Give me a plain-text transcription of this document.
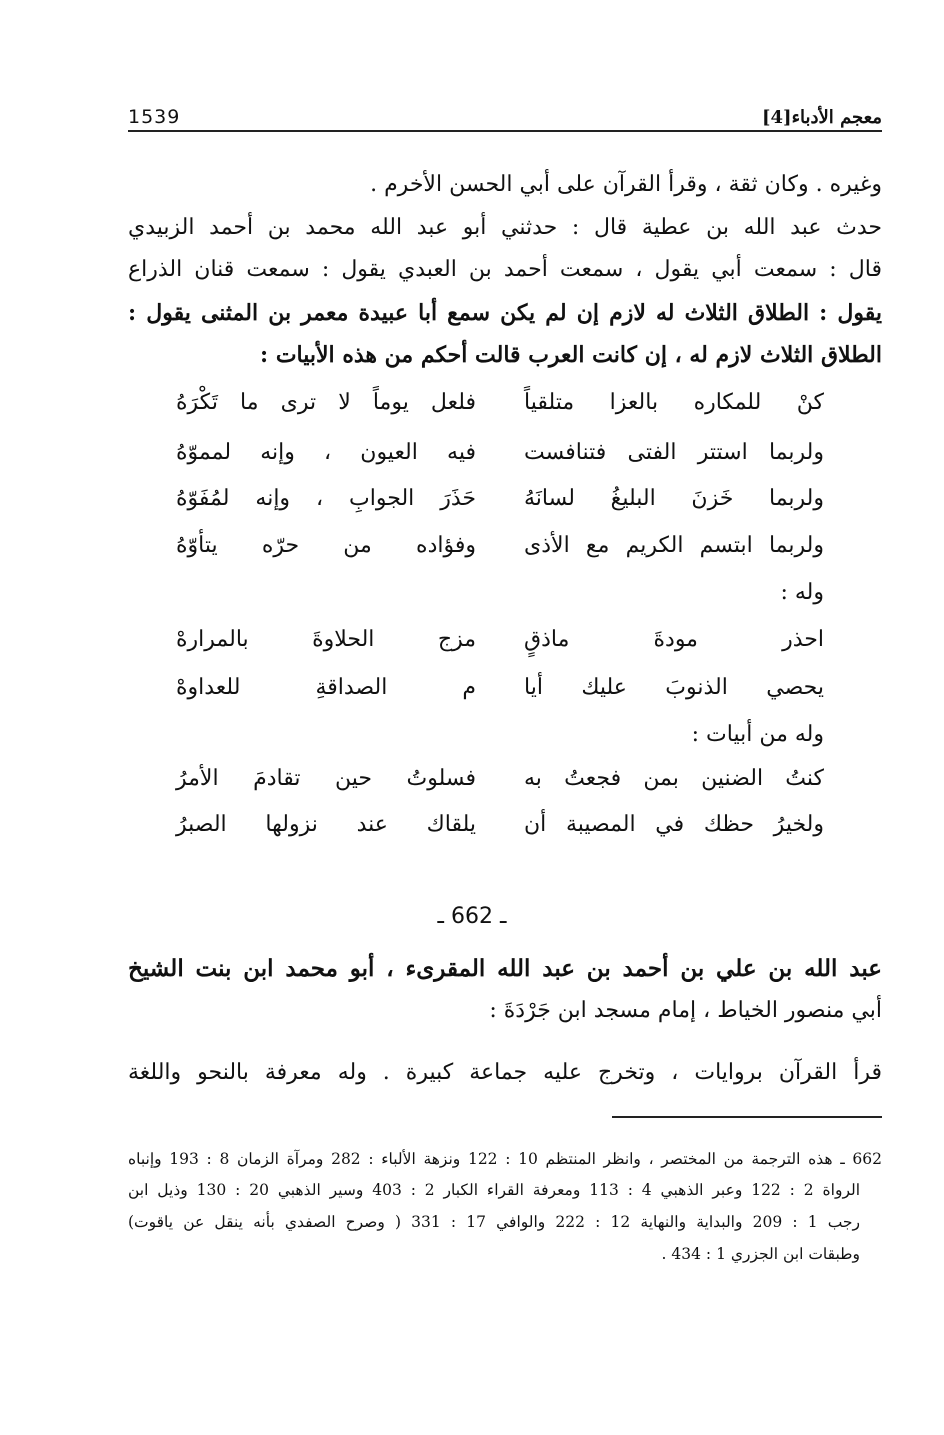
1539	معجم الأدباء[4]
وغيره . وكان ثقة ، وقرأ القرآن على أبي الحسن الأخرم .
حدث عبد الله بن عطية قال : حدثني أبو عبد الله محمد بن أحمد الزبيدي
قال : سمعت أبي يقول ، سمعت أحمد بن العبدي يقول : سمعت قنان الذراع
يقول : الطلاق الثلاث له لازم إن لم يكن سمع أبا عبيدة معمر بن المثنى يقول :
الطلاق الثلاث لازم له ، إن كانت العرب قالت أحكم من هذه الأبيات :
كنْ للمكاره بالعزا متلقياً
فلعل يوماً لا ترى ما تَكْرَهُ
ولربما استتر الفتى فتنافست
فيه العيون ، وإنه لمموّهُ
ولربما خَزنَ البليغُ لسانَهُ
حَذَرَ الجوابِ ، وإنه لمُفَوّهُ
ولربما ابتسم الكريم مع الأذى
وفؤاده من حرّه يتأوّهُ
وله :
احذر مودةَ ماذقٍ
مزج الحلاوةَ بالمرارهْ
يحصي الذنوبَ عليك أيا
م الصداقةِ للعداوهْ
وله من أبيات :
كنتُ الضنين بمن فجعتُ به
فسلوتُ حين تقادمَ الأمرُ
ولخيرُ حظك في المصيبة أن
يلقاك عند نزولها الصبرُ
ـ 662 ـ
عبد الله بن علي بن أحمد بن عبد الله المقرىء ، أبو محمد ابن بنت الشيخ
أبي منصور الخياط ، إمام مسجد ابن جَرْدَةَ :
قرأ القرآن بروايات ، وتخرج عليه جماعة كبيرة . وله معرفة بالنحو واللغة
662 ـ هذه الترجمة من المختصر ، وانظر المنتظم 10 : 122 ونزهة الألباء : 282 ومرآة الزمان 8 : 193 وإنباه
الرواة 2 : 122 وعبر الذهبي 4 : 113 ومعرفة القراء الكبار 2 : 403 وسير الذهبي 20 : 130 وذيل ابن
رجب 1 : 209 والبداية والنهاية 12 : 222 والوافي 17 : 331 ( وصرح الصفدي بأنه ينقل عن ياقوت)
وطبقات ابن الجزري 1 : 434 .
